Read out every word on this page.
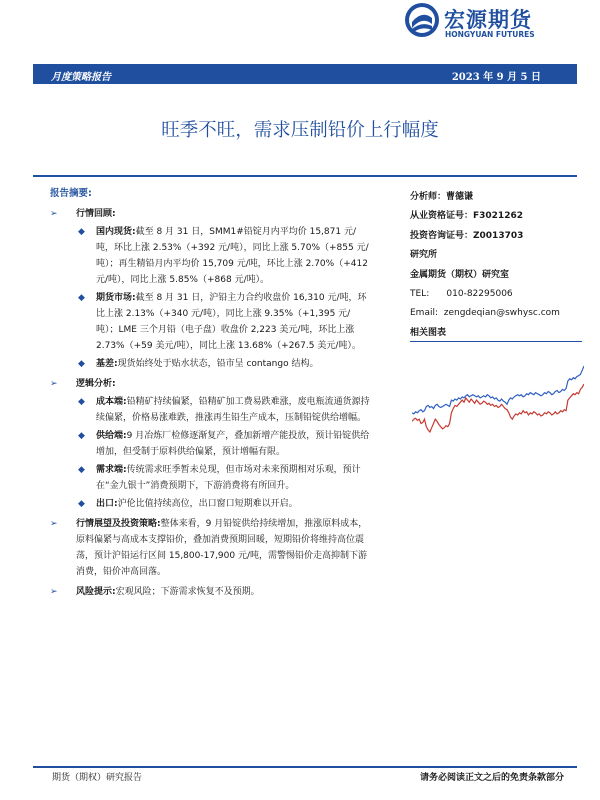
宏源期货
HONGYUAN FUTURES
月度策略报告	2023 年 9 月 5 日
旺季不旺，需求压制铅价上行幅度
报告摘要:
➢ 行情回顾:
◆ 国内现货:截至 8 月 31 日，SMM1#铅锭月内平均价 15,871 元/吨，环比上涨 2.53%（+392 元/吨），同比上涨 5.70%（+855 元/吨）；再生精铅月内平均价 15,709 元/吨，环比上涨 2.70%（+412 元/吨），同比上涨 5.85%（+868 元/吨）。
◆ 期货市场:截至 8 月 31 日，沪铅主力合约收盘价 16,310 元/吨，环比上涨 2.13%（+340 元/吨），同比上涨 9.35%（+1,395 元/吨）；LME 三个月铅（电子盘）收盘价 2,223 美元/吨，环比上涨 2.73%（+59 美元/吨），同比上涨 13.68%（+267.5 美元/吨）。
◆ 基差:现货始终处于贴水状态，铅市呈 contango 结构。
➢ 逻辑分析:
◆ 成本端:铅精矿持续偏紧，铅精矿加工费易跌难涨，废电瓶流通货源持续偏紧，价格易涨难跌，推涨再生铅生产成本，压制铅锭供给增幅。
◆ 供给端:9 月冶炼厂检修逐渐复产，叠加新增产能投放，预计铅锭供给增加，但受制于原料供给偏紧，预计增幅有限。
◆ 需求端:传统需求旺季暂未兑现，但市场对未来预期相对乐观，预计在“金九银十”消费预期下，下游消费将有所回升。
◆ 出口:沪伦比值持续高位，出口窗口短期难以开启。
➢ 行情展望及投资策略:整体来看，9 月铅锭供给持续增加，推涨原料成本，原料偏紧与高成本支撑铅价，叠加消费预期回暖，短期铅价将维持高位震荡，预计沪铅运行区间 15,800-17,900 元/吨，需警惕铅价走高抑制下游消费，铅价冲高回落。
➢ 风险提示:宏观风险；下游需求恢复不及预期。
分析师：曹德谦
从业资格证号：F3021262
投资咨询证号：Z0013703
研究所
金属期货（期权）研究室
TEL: 010-82295006
Email: zengdeqian@swhysc.com
相关图表
期货（期权）研究报告	请务必阅读正文之后的免责条款部分
